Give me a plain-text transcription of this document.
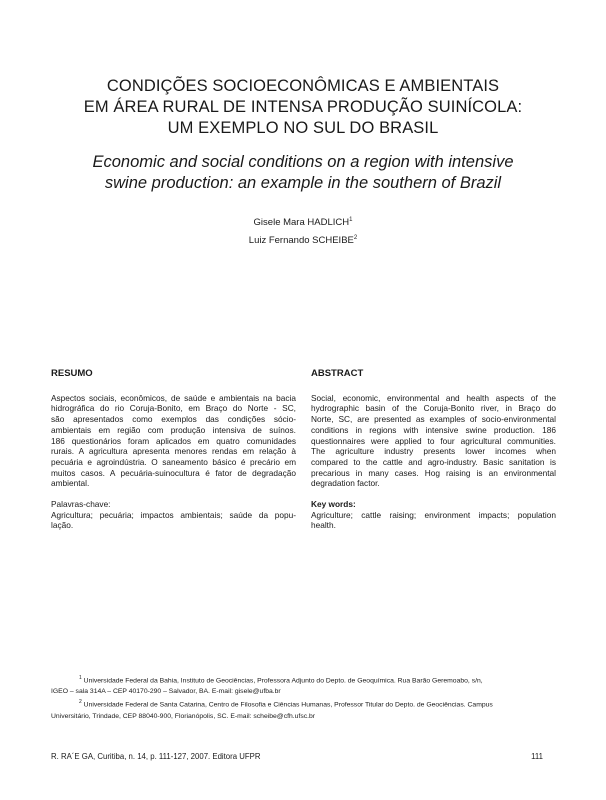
CONDIÇÕES SOCIOECONÔMICAS E AMBIENTAIS
EM ÁREA RURAL DE INTENSA PRODUÇÃO SUINÍCOLA:
UM EXEMPLO NO SUL DO BRASIL
Economic and social conditions on a region with intensive
swine production: an example in the southern of Brazil
Gisele Mara HADLICH$^1$
Luiz Fernando SCHEIBE$^2$
RESUMO
Aspectos sociais, econômicos, de saúde e ambientais na bacia
hidrográfica do rio Coruja-Bonito, em Braço do Norte - SC,
são apresentados como exemplos das condições sócio-
ambientais em região com produção intensiva de suínos.
186 questionários foram aplicados em quatro comunidades
rurais. A agricultura apresenta menores rendas em relação à
pecuária e agroindústria. O saneamento básico é precário em
muitos casos. A pecuária-suinocultura é fator de degradação
ambiental.
Palavras-chave:
Agricultura; pecuária; impactos ambientais; saúde da popu-
lação.
ABSTRACT
Social, economic, environmental and health aspects of the
hydrographic basin of the Coruja-Bonito river, in Braço do
Norte, SC, are presented as examples of socio-environmental
conditions in regions with intensive swine production. 186
questionnaires were applied to four agricultural communities.
The agriculture industry presents lower incomes when
compared to the cattle and agro-industry. Basic sanitation is
precarious in many cases. Hog raising is an environmental
degradation factor.
Key words:
Agriculture; cattle raising; environment impacts; population
health.
$^1$ Universidade Federal da Bahia, Instituto de Geociências, Professora Adjunto do Depto. de Geoquímica. Rua Barão Geremoabo, s/n,
IGEO – sala 314A – CEP 40170-290 – Salvador, BA. E-mail: gisele@ufba.br
$^2$ Universidade Federal de Santa Catarina, Centro de Filosofia e Ciências Humanas, Professor Titular do Depto. de Geociências. Campus
Universitário, Trindade, CEP 88040-900, Florianópolis, SC. E-mail: scheibe@cfh.ufsc.br
R. RA´E GA, Curitiba, n. 14, p. 111-127, 2007. Editora UFPR	111
